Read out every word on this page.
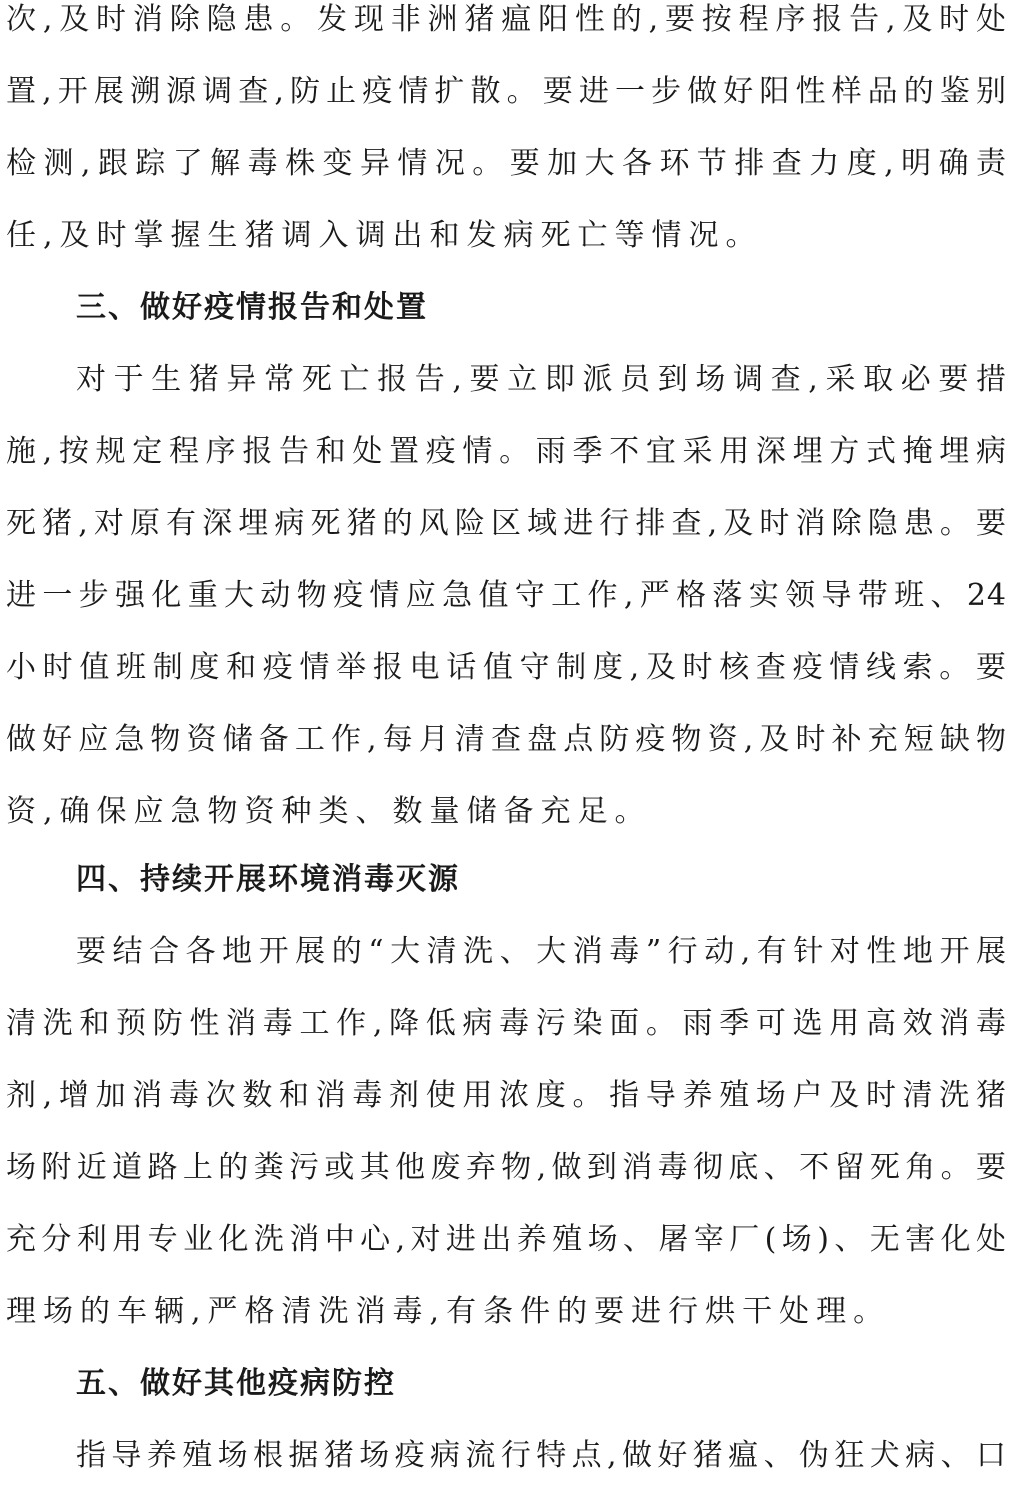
次,及时消除隐患。发现非洲猪瘟阳性的,要按程序报告,及时处
置,开展溯源调查,防止疫情扩散。要进一步做好阳性样品的鉴别
检测,跟踪了解毒株变异情况。要加大各环节排查力度,明确责
任,及时掌握生猪调入调出和发病死亡等情况。
三、做好疫情报告和处置
对于生猪异常死亡报告,要立即派员到场调查,采取必要措
施,按规定程序报告和处置疫情。雨季不宜采用深埋方式掩埋病
死猪,对原有深埋病死猪的风险区域进行排查,及时消除隐患。要
进一步强化重大动物疫情应急值守工作,严格落实领导带班、24
小时值班制度和疫情举报电话值守制度,及时核查疫情线索。要
做好应急物资储备工作,每月清查盘点防疫物资,及时补充短缺物
资,确保应急物资种类、数量储备充足。
四、持续开展环境消毒灭源
要结合各地开展的“大清洗、大消毒”行动,有针对性地开展
清洗和预防性消毒工作,降低病毒污染面。雨季可选用高效消毒
剂,增加消毒次数和消毒剂使用浓度。指导养殖场户及时清洗猪
场附近道路上的粪污或其他废弃物,做到消毒彻底、不留死角。要
充分利用专业化洗消中心,对进出养殖场、屠宰厂(场)、无害化处
理场的车辆,严格清洗消毒,有条件的要进行烘干处理。
五、做好其他疫病防控
指导养殖场根据猪场疫病流行特点,做好猪瘟、伪狂犬病、口
